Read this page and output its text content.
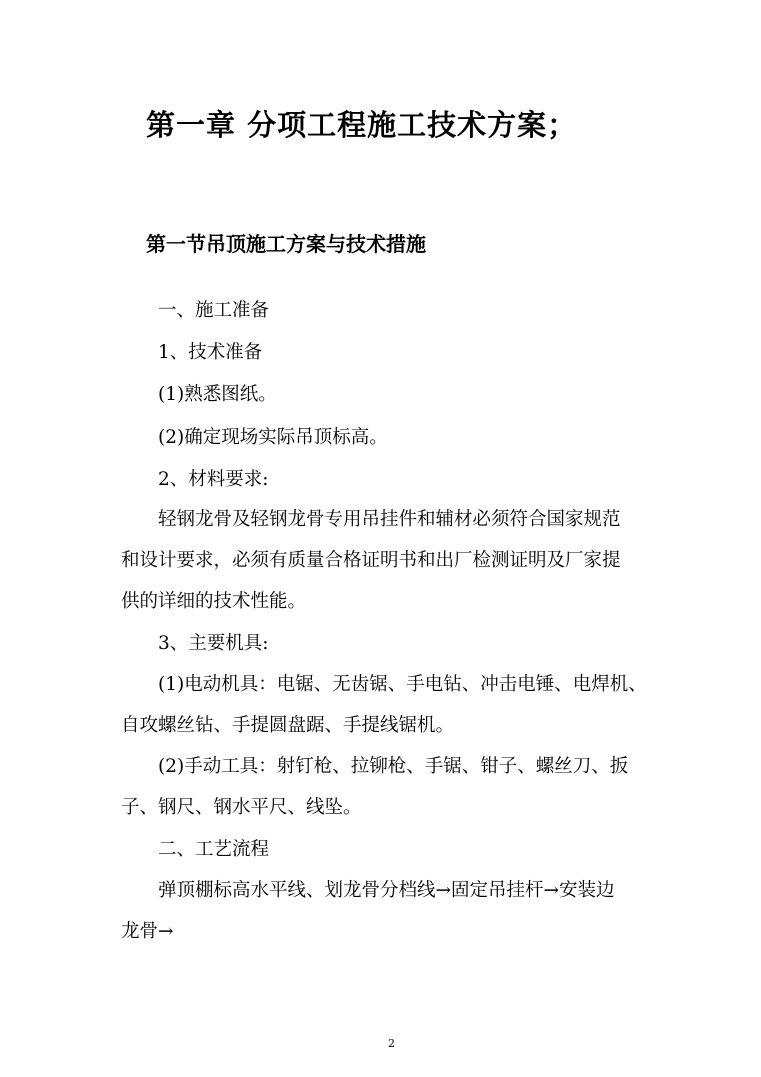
第一章 分项工程施工技术方案；
第一节吊顶施工方案与技术措施
一、施工准备
1、技术准备
(1)熟悉图纸。
(2)确定现场实际吊顶标高。
2、材料要求:
轻钢龙骨及轻钢龙骨专用吊挂件和辅材必须符合国家规范
和设计要求，必须有质量合格证明书和出厂检测证明及厂家提
供的详细的技术性能。
3、主要机具:
(1)电动机具：电锯、无齿锯、手电钻、冲击电锤、电焊机、
自攻螺丝钻、手提圆盘踞、手提线锯机。
(2)手动工具：射钉枪、拉铆枪、手锯、钳子、螺丝刀、扳
子、钢尺、钢水平尺、线坠。
二、工艺流程
弹顶棚标高水平线、划龙骨分档线→固定吊挂杆→安装边
龙骨→
2
